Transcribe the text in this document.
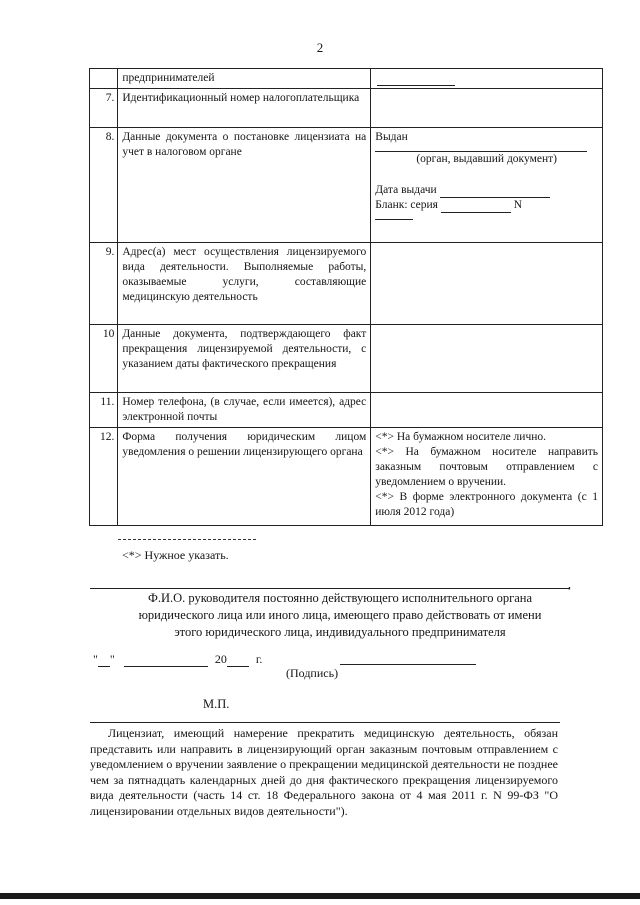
2
	предпринимателей	
7.	Идентификационный номер налогоплательщика	
8.	Данные документа о постановке лицензиата на учет в налоговом органе	Выдан
(орган, выдавший документ)
Дата выдачи
Бланк: серия N

9.	Адрес(а) мест осуществления лицензируемого вида деятельности. Выполняемые работы, оказываемые услуги, составляющие медицинскую деятельность	
10	Данные документа, подтверждающего факт прекращения лицензируемой деятельности, с указанием даты фактического прекращения	
11.	Номер телефона, (в случае, если имеется), адрес электронной почты	
12.	Форма получения юридическим лицом уведомления о решении лицензирующего органа	<*> На бумажном носителе лично.
<*> На бумажном носителе направить заказным почтовым отправлением с уведомлением о вручении.
<*> В форме электронного документа (с 1 июля 2012 года)
<*> Нужное указать.
,
Ф.И.О. руководителя постоянно действующего исполнительного органа
юридического лица или иного лица, имеющего право действовать от имени
этого юридического лица, индивидуального предпринимателя
" "	20 г.
(Подпись)
М.П.
Лицензиат, имеющий намерение прекратить медицинскую деятельность, обязан представить или направить в лицензирующий орган заказным почтовым отправлением с уведомлением о вручении заявление о прекращении медицинской деятельности не позднее чем за пятнадцать календарных дней до дня фактического прекращения лицензируемого вида деятельности (часть 14 ст. 18 Федерального закона от 4 мая 2011 г. N 99-ФЗ "О лицензировании отдельных видов деятельности").
